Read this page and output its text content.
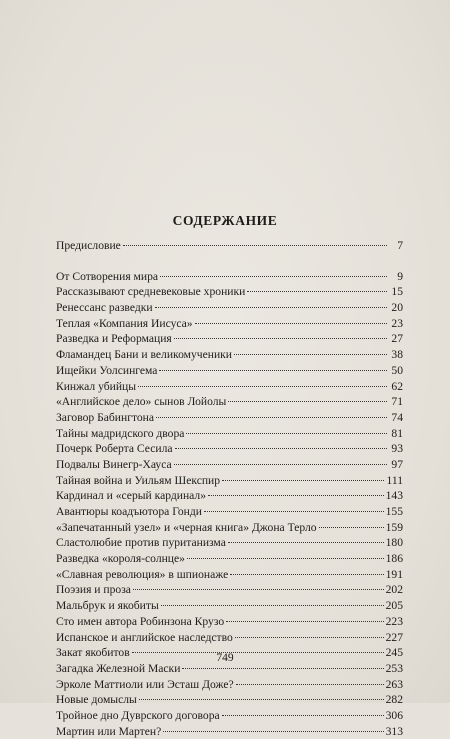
СОДЕРЖАНИЕ
Предисловие	7
От Сотворения мира	9
Рассказывают средневековые хроники	15
Ренессанс разведки	20
Теплая «Компания Иисуса»	23
Разведка и Реформация	27
Фламандец Бани и великомученики	38
Ищейки Уолсингема	50
Кинжал убийцы	62
«Английское дело» сынов Лойолы	71
Заговор Бабингтона	74
Тайны мадридского двора	81
Почерк Роберта Сесила	93
Подвалы Винегр-Хауса	97
Тайная война и Уильям Шекспир	111
Кардинал и «серый кардинал»	143
Авантюры коадъютора Гонди	155
«Запечатанный узел» и «черная книга» Джона Терло	159
Сластолюбие против пуританизма	180
Разведка «короля-солнце»	186
«Славная революция» в шпионаже	191
Поэзия и проза	202
Мальбрук и якобиты	205
Сто имен автора Робинзона Крузо	223
Испанское и английское наследство	227
Закат якобитов	245
Загадка Железной Маски	253
Эрколе Маттиоли или Эсташ Доже?	263
Новые домыслы	282
Тройное дно Дуврского договора	306
Мартин или Мартен?	313
749
